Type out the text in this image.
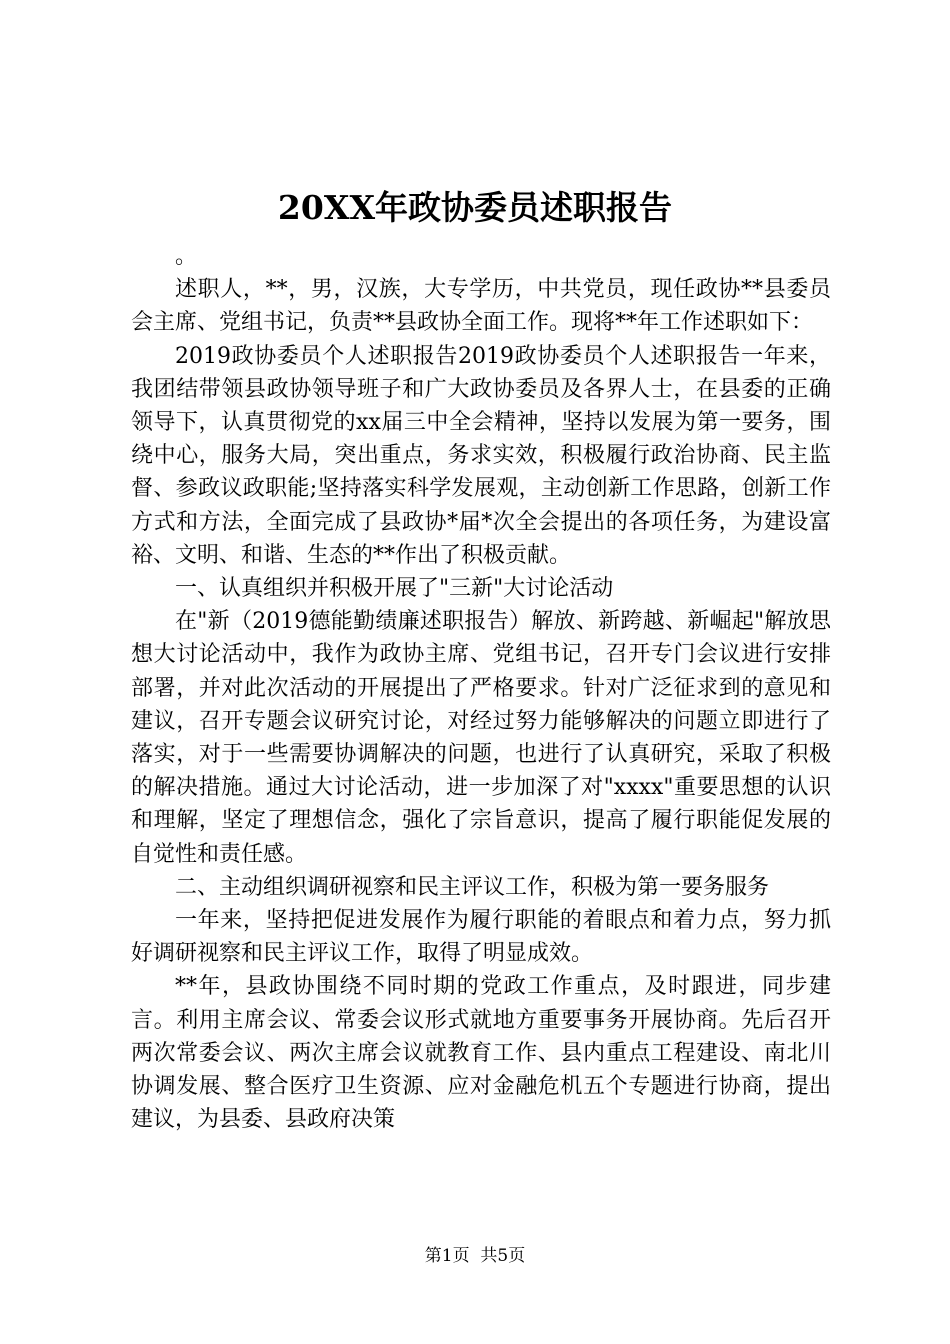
20XX年政协委员述职报告

。

述职人，**，男，汉族，大专学历，中共党员，现任政协**县委员会主席、党组书记，负责**县政协全面工作。现将**年工作述职如下：

2019政协委员个人述职报告2019政协委员个人述职报告一年来，我团结带领县政协领导班子和广大政协委员及各界人士，在县委的正确领导下，认真贯彻党的xx届三中全会精神，坚持以发展为第一要务，围绕中心，服务大局，突出重点，务求实效，积极履行政治协商、民主监督、参政议政职能;坚持落实科学发展观，主动创新工作思路，创新工作方式和方法，全面完成了县政协*届*次全会提出的各项任务，为建设富裕、文明、和谐、生态的**作出了积极贡献。

一、认真组织并积极开展了"三新"大讨论活动

在"新（2019德能勤绩廉述职报告）解放、新跨越、新崛起"解放思想大讨论活动中，我作为政协主席、党组书记，召开专门会议进行安排部署，并对此次活动的开展提出了严格要求。针对广泛征求到的意见和建议，召开专题会议研究讨论，对经过努力能够解决的问题立即进行了落实，对于一些需要协调解决的问题，也进行了认真研究，采取了积极的解决措施。通过大讨论活动，进一步加深了对"xxxx"重要思想的认识和理解，坚定了理想信念，强化了宗旨意识，提高了履行职能促发展的自觉性和责任感。

二、主动组织调研视察和民主评议工作，积极为第一要务服务

一年来，坚持把促进发展作为履行职能的着眼点和着力点，努力抓好调研视察和民主评议工作，取得了明显成效。

**年，县政协围绕不同时期的党政工作重点，及时跟进，同步建言。利用主席会议、常委会议形式就地方重要事务开展协商。先后召开两次常委会议、两次主席会议就教育工作、县内重点工程建设、南北川协调发展、整合医疗卫生资源、应对金融危机五个专题进行协商，提出建议，为县委、县政府决策

第1页 共5页
